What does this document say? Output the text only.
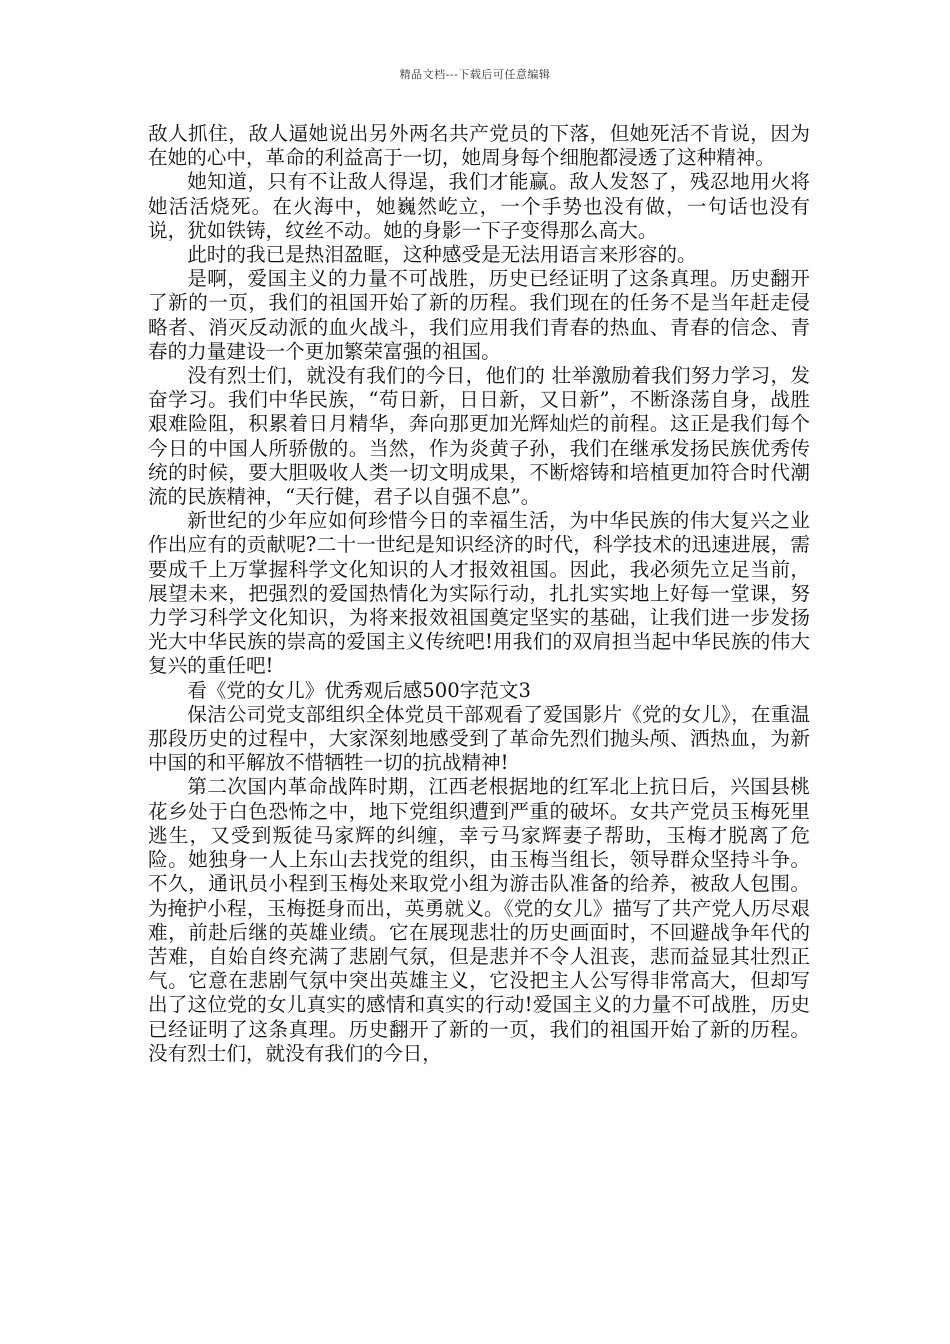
精品文档---下载后可任意编辑

敌人抓住，敌人逼她说出另外两名共产党员的下落，但她死活不肯说，因为在她的心中，革命的利益高于一切，她周身每个细胞都浸透了这种精神。

她知道，只有不让敌人得逞，我们才能赢。敌人发怒了，残忍地用火将她活活烧死。在火海中，她巍然屹立，一个手势也没有做，一句话也没有说，犹如铁铸，纹丝不动。她的身影一下子变得那么高大。

此时的我已是热泪盈眶，这种感受是无法用语言来形容的。

是啊，爱国主义的力量不可战胜，历史已经证明了这条真理。历史翻开了新的一页，我们的祖国开始了新的历程。我们现在的任务不是当年赶走侵略者、消灭反动派的血火战斗，我们应用我们青春的热血、青春的信念、青春的力量建设一个更加繁荣富强的祖国。

没有烈士们，就没有我们的今日，他们的 壮举激励着我们努力学习，发奋学习。我们中华民族，“苟日新，日日新，又日新”，不断涤荡自身，战胜艰难险阻，积累着日月精华，奔向那更加光辉灿烂的前程。这正是我们每个今日的中国人所骄傲的。当然，作为炎黄子孙，我们在继承发扬民族优秀传统的时候，要大胆吸收人类一切文明成果，不断熔铸和培植更加符合时代潮流的民族精神，“天行健，君子以自强不息”。

新世纪的少年应如何珍惜今日的幸福生活，为中华民族的伟大复兴之业作出应有的贡献呢?二十一世纪是知识经济的时代，科学技术的迅速进展，需要成千上万掌握科学文化知识的人才报效祖国。因此，我必须先立足当前，展望未来，把强烈的爱国热情化为实际行动，扎扎实实地上好每一堂课，努力学习科学文化知识，为将来报效祖国奠定坚实的基础，让我们进一步发扬光大中华民族的崇高的爱国主义传统吧!用我们的双肩担当起中华民族的伟大复兴的重任吧!

看《党的女儿》优秀观后感500字范文3

保洁公司党支部组织全体党员干部观看了爱国影片《党的女儿》，在重温那段历史的过程中，大家深刻地感受到了革命先烈们抛头颅、洒热血，为新中国的和平解放不惜牺牲一切的抗战精神!

第二次国内革命战阵时期，江西老根据地的红军北上抗日后，兴国县桃花乡处于白色恐怖之中，地下党组织遭到严重的破坏。女共产党员玉梅死里逃生，又受到叛徒马家辉的纠缠，幸亏马家辉妻子帮助，玉梅才脱离了危险。她独身一人上东山去找党的组织，由玉梅当组长，领导群众坚持斗争。不久，通讯员小程到玉梅处来取党小组为游击队准备的给养，被敌人包围。为掩护小程，玉梅挺身而出，英勇就义。《党的女儿》描写了共产党人历尽艰难，前赴后继的英雄业绩。它在展现悲壮的历史画面时，不回避战争年代的苦难，自始自终充满了悲剧气氛，但是悲并不令人沮丧，悲而益显其壮烈正气。它意在悲剧气氛中突出英雄主义，它没把主人公写得非常高大，但却写出了这位党的女儿真实的感情和真实的行动!爱国主义的力量不可战胜，历史已经证明了这条真理。历史翻开了新的一页，我们的祖国开始了新的历程。没有烈士们，就没有我们的今日，
